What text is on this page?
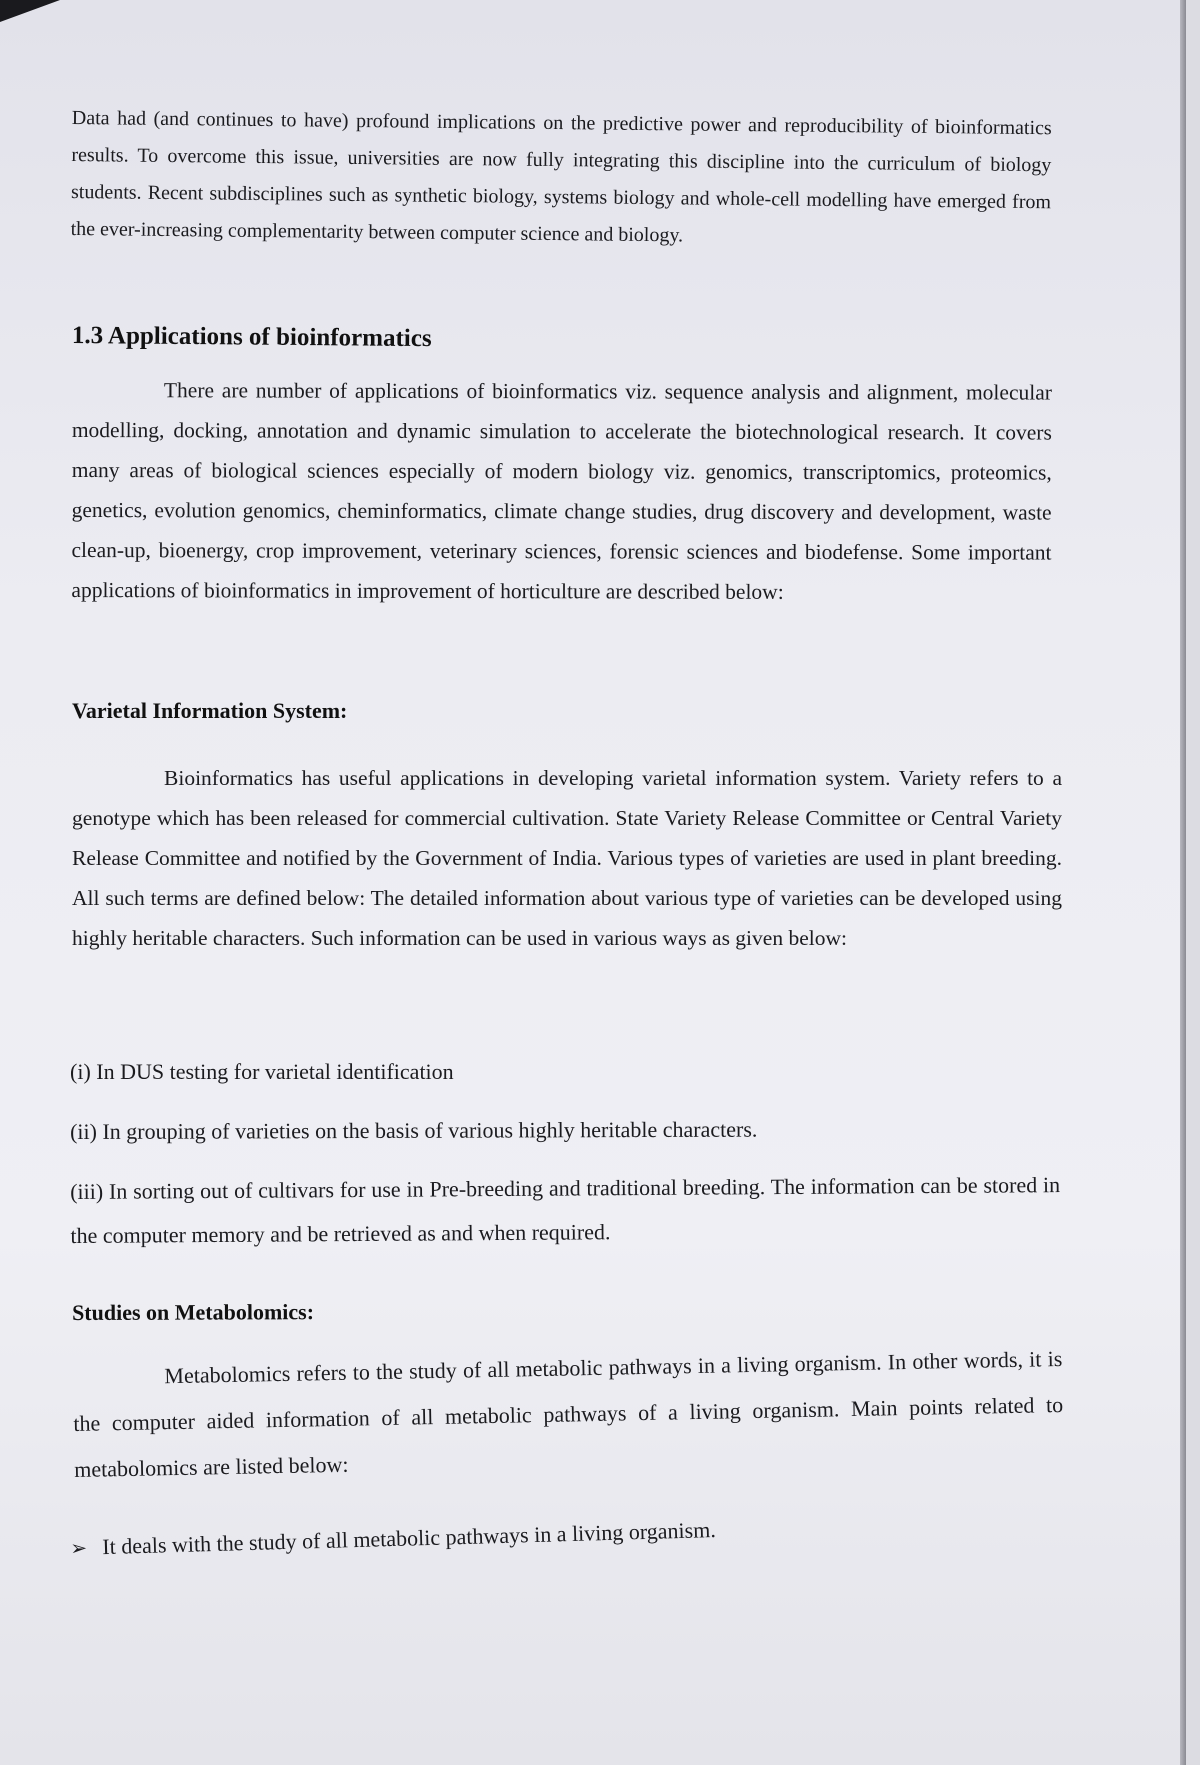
Data had (and continues to have) profound implications on the predictive power and reproducibility of bioinformatics results. To overcome this issue, universities are now fully integrating this discipline into the curriculum of biology students. Recent subdisciplines such as synthetic biology, systems biology and whole-cell modelling have emerged from the ever-increasing complementarity between computer science and biology.
1.3 Applications of bioinformatics
There are number of applications of bioinformatics viz. sequence analysis and alignment, molecular modelling, docking, annotation and dynamic simulation to accelerate the biotechnological research. It covers many areas of biological sciences especially of modern biology viz. genomics, transcriptomics, proteomics, genetics, evolution genomics, cheminformatics, climate change studies, drug discovery and development, waste clean-up, bioenergy, crop improvement, veterinary sciences, forensic sciences and biodefense. Some important applications of bioinformatics in improvement of horticulture are described below:
Varietal Information System:
Bioinformatics has useful applications in developing varietal information system. Variety refers to a genotype which has been released for commercial cultivation. State Variety Release Committee or Central Variety Release Committee and notified by the Government of India. Various types of varieties are used in plant breeding. All such terms are defined below: The detailed information about various type of varieties can be developed using highly heritable characters. Such information can be used in various ways as given below:
(i) In DUS testing for varietal identification
(ii) In grouping of varieties on the basis of various highly heritable characters.
(iii) In sorting out of cultivars for use in Pre-breeding and traditional breeding. The information can be stored in the computer memory and be retrieved as and when required.
Studies on Metabolomics:
Metabolomics refers to the study of all metabolic pathways in a living organism. In other words, it is the computer aided information of all metabolic pathways of a living organism. Main points related to metabolomics are listed below:
➢ It deals with the study of all metabolic pathways in a living organism.
